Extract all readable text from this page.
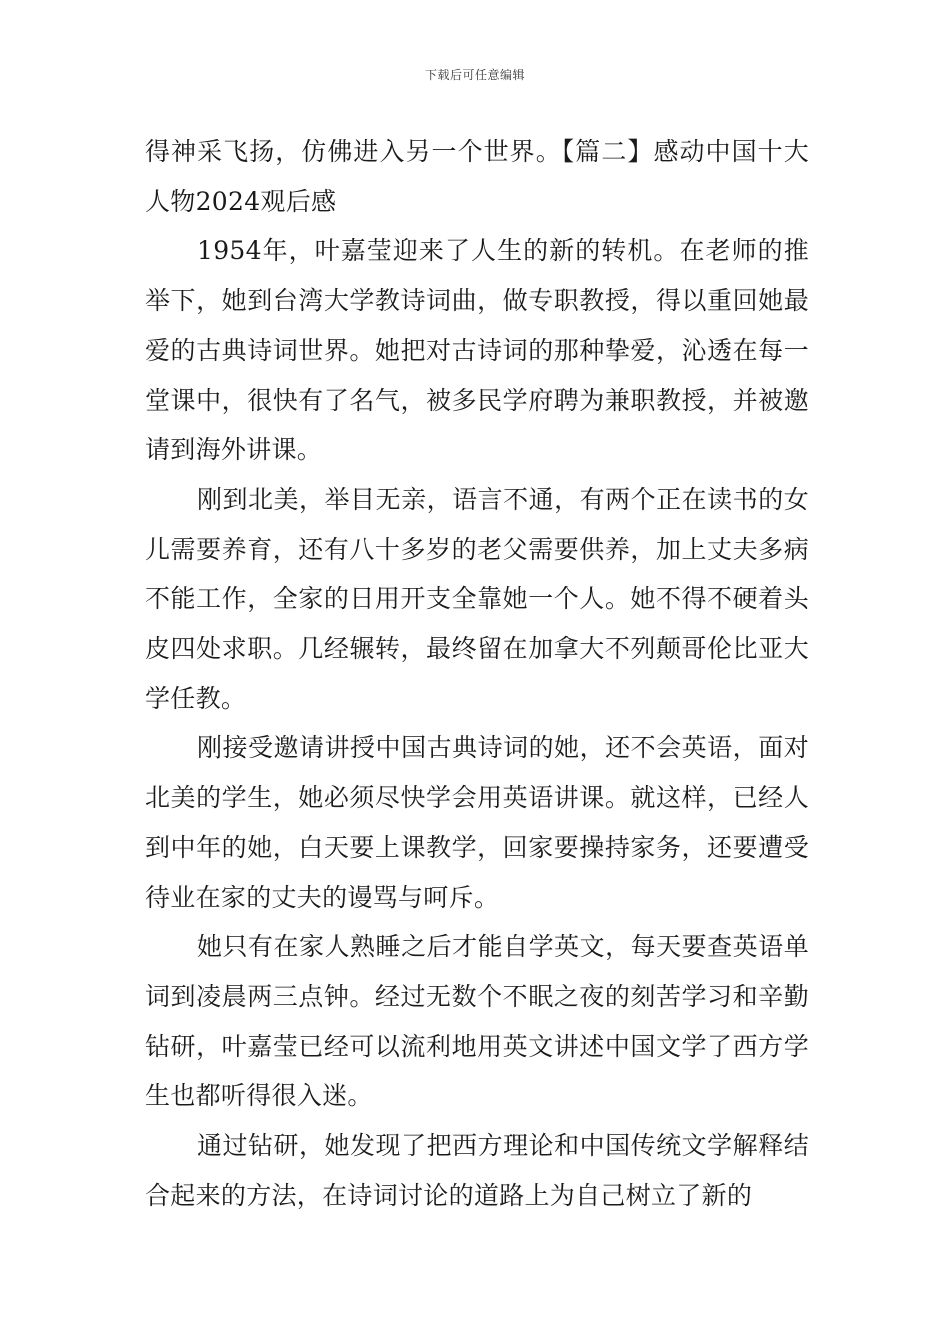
下载后可任意编辑

得神采飞扬，仿佛进入另一个世界。【篇二】感动中国十大人物2024观后感

1954年，叶嘉莹迎来了人生的新的转机。在老师的推举下，她到台湾大学教诗词曲，做专职教授，得以重回她最爱的古典诗词世界。她把对古诗词的那种挚爱，沁透在每一堂课中，很快有了名气，被多民学府聘为兼职教授，并被邀请到海外讲课。

刚到北美，举目无亲，语言不通，有两个正在读书的女儿需要养育，还有八十多岁的老父需要供养，加上丈夫多病不能工作，全家的日用开支全靠她一个人。她不得不硬着头皮四处求职。几经辗转，最终留在加拿大不列颠哥伦比亚大学任教。

刚接受邀请讲授中国古典诗词的她，还不会英语，面对北美的学生，她必须尽快学会用英语讲课。就这样，已经人到中年的她，白天要上课教学，回家要操持家务，还要遭受待业在家的丈夫的谩骂与呵斥。

她只有在家人熟睡之后才能自学英文，每天要查英语单词到凌晨两三点钟。经过无数个不眠之夜的刻苦学习和辛勤钻研，叶嘉莹已经可以流利地用英文讲述中国文学了西方学生也都听得很入迷。

通过钻研，她发现了把西方理论和中国传统文学解释结合起来的方法，在诗词讨论的道路上为自己树立了新的
